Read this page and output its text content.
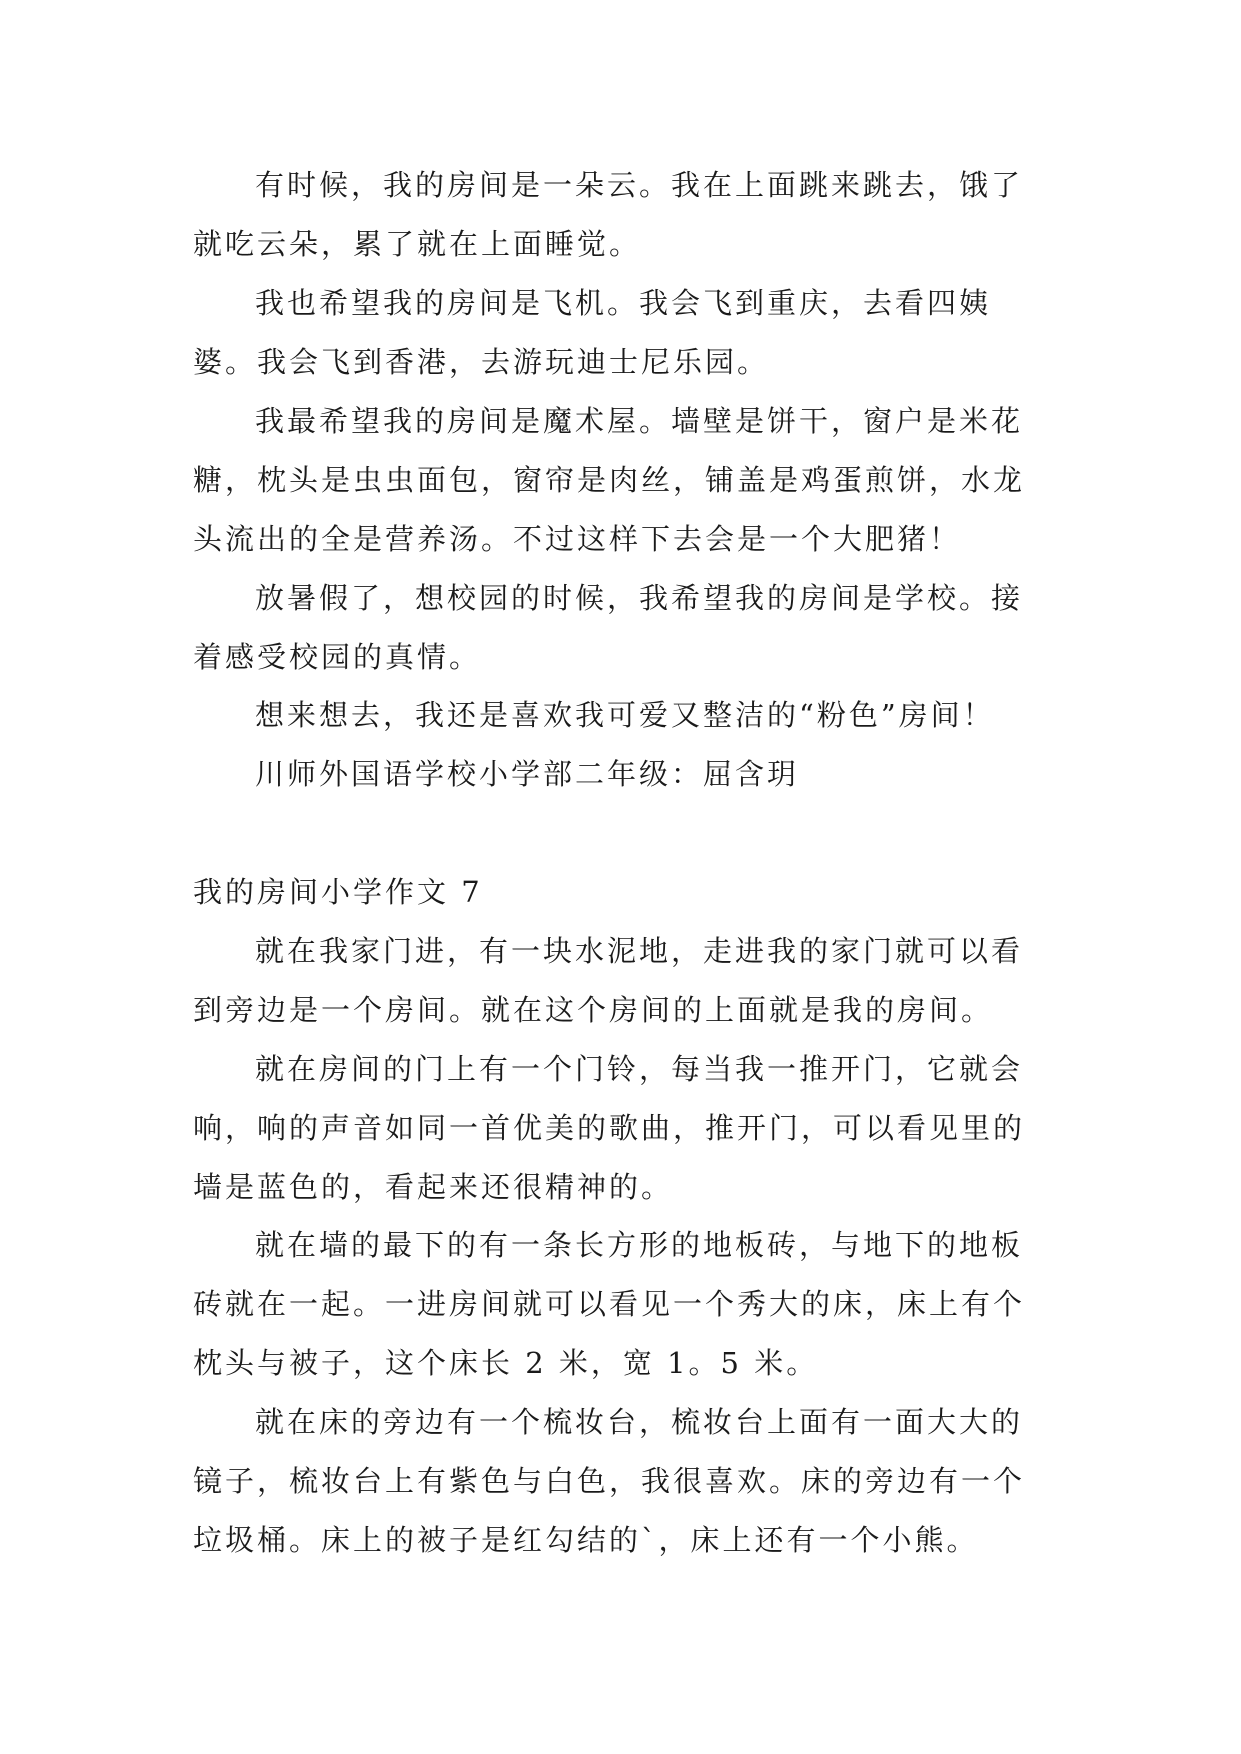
有时候，我的房间是一朵云。我在上面跳来跳去，饿了就吃云朵，累了就在上面睡觉。

我也希望我的房间是飞机。我会飞到重庆，去看四姨婆。我会飞到香港，去游玩迪士尼乐园。

我最希望我的房间是魔术屋。墙壁是饼干，窗户是米花糖，枕头是虫虫面包，窗帘是肉丝，铺盖是鸡蛋煎饼，水龙头流出的全是营养汤。不过这样下去会是一个大肥猪！

放暑假了，想校园的时候，我希望我的房间是学校。接着感受校园的真情。

想来想去，我还是喜欢我可爱又整洁的“粉色”房间！

川师外国语学校小学部二年级：屈含玥

我的房间小学作文 7

就在我家门进，有一块水泥地，走进我的家门就可以看到旁边是一个房间。就在这个房间的上面就是我的房间。

就在房间的门上有一个门铃，每当我一推开门，它就会响，响的声音如同一首优美的歌曲，推开门，可以看见里的墙是蓝色的，看起来还很精神的。

就在墙的最下的有一条长方形的地板砖，与地下的地板砖就在一起。一进房间就可以看见一个秀大的床，床上有个枕头与被子，这个床长 2 米，宽 1。5 米。

就在床的旁边有一个梳妆台，梳妆台上面有一面大大的镜子，梳妆台上有紫色与白色，我很喜欢。床的旁边有一个垃圾桶。床上的被子是红勾结的`，床上还有一个小熊。
